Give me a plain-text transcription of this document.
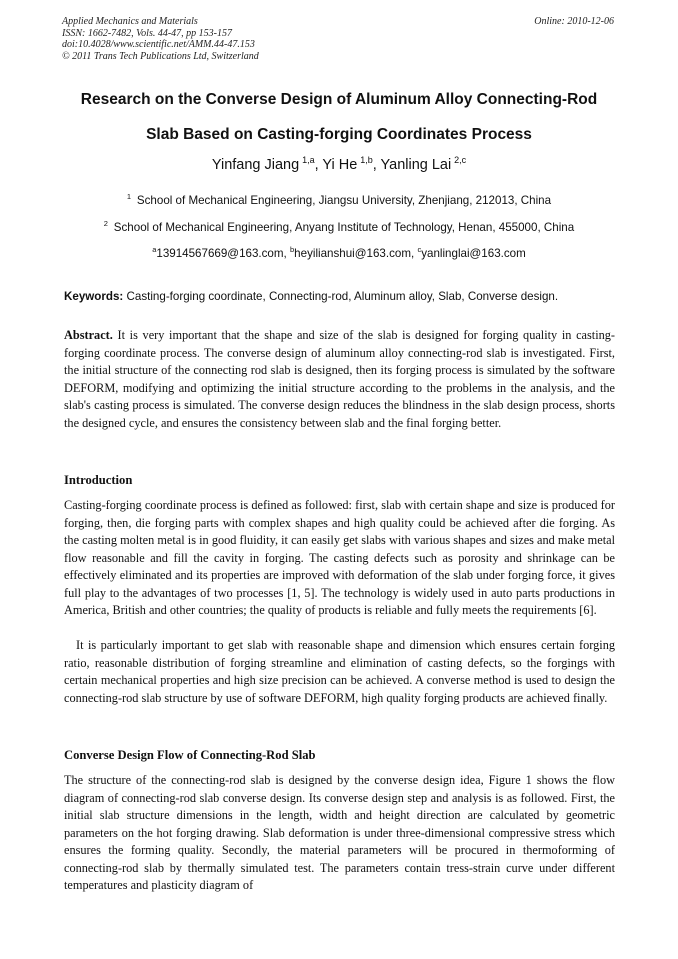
Applied Mechanics and Materials
ISSN: 1662-7482, Vols. 44-47, pp 153-157
doi:10.4028/www.scientific.net/AMM.44-47.153
© 2011 Trans Tech Publications Ltd, Switzerland
Online: 2010-12-06
Research on the Converse Design of Aluminum Alloy Connecting-Rod
Slab Based on Casting-forging Coordinates Process
Yinfang Jiang  $^{1,a}$, Yi He  $^{1,b}$, Yanling Lai  $^{2,c}$
$^1$  School of Mechanical Engineering, Jiangsu University, Zhenjiang, 212013, China
$^2$  School of Mechanical Engineering, Anyang Institute of Technology, Henan, 455000, China
$^a$13914567669@163.com, $^b$heyilianshui@163.com, $^c$yanlinglai@163.com
Keywords: Casting-forging coordinate, Connecting-rod, Aluminum alloy, Slab, Converse design.
Abstract. It is very important that the shape and size of the slab is designed for forging quality in casting-forging coordinate process. The converse design of aluminum alloy connecting-rod slab is investigated. First, the initial structure of the connecting rod slab is designed, then its forging process is simulated by the software DEFORM, modifying and optimizing the initial structure according to the problems in the analysis, and the slab's casting process is simulated. The converse design reduces the blindness in the slab design process, shorts the designed cycle, and ensures the consistency between slab and the final forging better.
Introduction
Casting-forging coordinate process is defined as followed: first, slab with certain shape and size is produced for forging, then, die forging parts with complex shapes and high quality could be achieved after die forging. As the casting molten metal is in good fluidity, it can easily get slabs with various shapes and sizes and make metal flow reasonable and fill the cavity in forging. The casting defects such as porosity and shrinkage can be effectively eliminated and its properties are improved with deformation of the slab under forging force, it gives full play to the advantages of two processes [1, 5]. The technology is widely used in auto parts productions in America, British and other countries; the quality of products is reliable and fully meets the requirements [6].
It is particularly important to get slab with reasonable shape and dimension which ensures certain forging ratio, reasonable distribution of forging streamline and elimination of casting defects, so the forgings with certain mechanical properties and high size precision can be achieved. A converse method is used to design the connecting-rod slab structure by use of software DEFORM, high quality forging products are achieved finally.
Converse Design Flow of Connecting-Rod Slab
The structure of the connecting-rod slab is designed by the converse design idea, Figure 1 shows the flow diagram of connecting-rod slab converse design. Its converse design step and analysis is as followed. First, the initial slab structure dimensions in the length, width and height direction are calculated by geometric parameters on the hot forging drawing. Slab deformation is under three-dimensional compressive stress which ensures the forming quality. Secondly, the material parameters will be procured in thermoforming of connecting-rod slab by thermally simulated test. The parameters contain tress-strain curve under different temperatures and plasticity diagram of
